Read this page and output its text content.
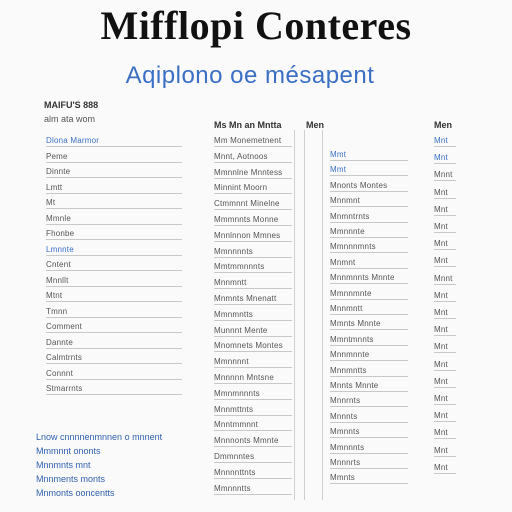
Mifflopi Conteres
Aqiplono oe mésapent
MAIFU'S 888
alm ata wom
Dlona Marmor
Peme
Dinnte
Lmtt
Mt
Mmnle
Fhonbe
Lmnnte
Cntent
Mnnllt
Mtnt
Tmnn
Comment
Dannte
Calmtrnts
Connnt
Stmarrnts
Ms Mn an Mntta
Mm Monemetnent
Mnnt, Aotnoos
Mmnnlne Mnntess
Minnint Moorn
Ctmmnnt Minelne
Mmmnnts Monne
Mnnlnnon Mmnes
Mmnnnnts
Mmtmmnnnts
Mnnmntt
Mnmnts Mnenatt
Mmnmntts
Munnnt Mente
Mnomnets Montes
Mmnnnnt
Mnnnnn Mntsne
Mmnmnnnts
Mnnmttnts
Mnntmmnnt
Mnnnonts Mmnte
Dmmnntes
Mnnnnttnts
Mmnnntts
Men
Mmt
Mmt
Mnonts Montes
Mnnmnt
Mnmntrnts
Mmnnnte
Mmnnnmnts
Mnmnt
Mnnmnnts Mnnte
Mmnnmnte
Mnnmntt
Mmnts Mnnte
Mmntmnnts
Mnnmnnte
Mnnmntts
Mnnts Mnnte
Mnnrnts
Mnnnts
Mmnnts
Mmnnnts
Mnnnrts
Mmnts
Men
Mnt
Mnt
Mnnt
Mnt
Mnt
Mnt
Mnt
Mnt
Mnnt
Mnt
Mnt
Mnt
Mnt
Mnt
Mnt
Mnt
Mnt
Mnt
Mnt
Mnt
Lnow cnnnnenmnnen o mnnent
Mmmnnt ononts
Mnnmnts mnt
Mnnments monts
Mnmonts ooncentts
